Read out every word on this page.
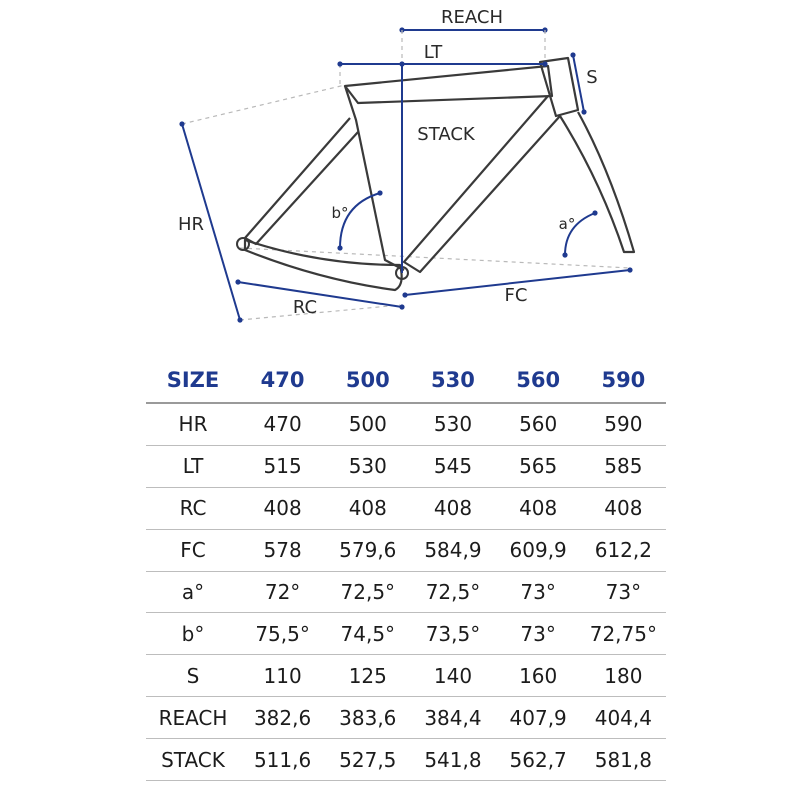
REACH
LT
S
STACK
HR
b°
a°
RC
FC
SIZE	470	500	530	560	590
HR	470	500	530	560	590
LT	515	530	545	565	585
RC	408	408	408	408	408
FC	578	579,6	584,9	609,9	612,2
a°	72°	72,5°	72,5°	73°	73°
b°	75,5°	74,5°	73,5°	73°	72,75°
S	110	125	140	160	180
REACH	382,6	383,6	384,4	407,9	404,4
STACK	511,6	527,5	541,8	562,7	581,8
